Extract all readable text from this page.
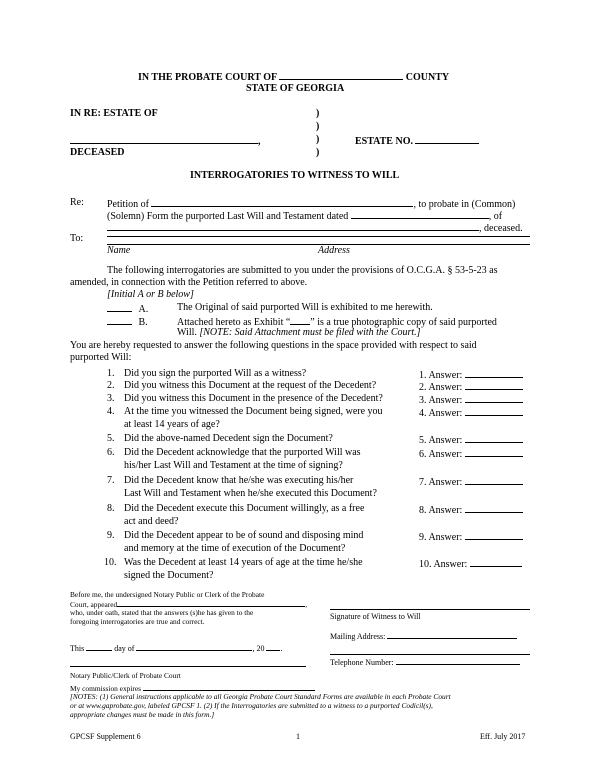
IN THE PROBATE COURT OF	COUNTY
STATE OF GEORGIA
IN RE: ESTATE OF	)
)
,	)	ESTATE NO.
DECEASED	)
INTERROGATORIES TO WITNESS TO WILL
Re: Petition of	, to probate in (Common)
(Solemn) Form the purported Last Will and Testament dated	, of
, deceased.
To:
Name	Address
The following interrogatories are submitted to you under the provisions of O.C.G.A. § 53-5-23 as
amended, in connection with the Petition referred to above.
[Initial A or B below]
A.	The Original of said purported Will is exhibited to me herewith.
B.	Attached hereto as Exhibit “ ” is a true photographic copy of said purported
Will. [NOTE: Said Attachment must be filed with the Court.]
You are hereby requested to answer the following questions in the space provided with respect to said
purported Will:
1. Did you sign the purported Will as a witness?	1. Answer:
2. Did you witness this Document at the request of the Decedent?	2. Answer:
3. Did you witness this Document in the presence of the Decedent?	3. Answer:
4. At the time you witnessed the Document being signed, were you
at least 14 years of age?
4. Answer:
5. Did the above-named Decedent sign the Document?	5. Answer:
6. Did the Decedent acknowledge that the purported Will was
his/her Last Will and Testament at the time of signing?
6. Answer:
7. Did the Decedent know that he/she was executing his/her
Last Will and Testament when he/she executed this Document?
7. Answer:
8. Did the Decedent execute this Document willingly, as a free
act and deed?
8. Answer:
9. Did the Decedent appear to be of sound and disposing mind
and memory at the time of execution of the Document?
9. Answer:
10. Was the Decedent at least 14 years of age at the time he/she
signed the Document?
10. Answer:
Before me, the undersigned Notary Public or Clerk of the Probate
Court, appeared	,
who, under oath, stated that the answers (s)he has given to the
foregoing interrogatories are true and correct.
This	day of	, 20 .
Notary Public/Clerk of Probate Court
My commission expires
Signature of Witness to Will
Mailing Address:
Telephone Number:
[NOTES: (1) General instructions applicable to all Georgia Probate Court Standard Forms are available in each Probate Court
or at www.gaprobate.gov, labeled GPCSF 1. (2) If the Interrogatories are submitted to a witness to a purported Codicil(s),
appropriate changes must be made in this form.]
GPCSF Supplement 6	1	Eff. July 2017
